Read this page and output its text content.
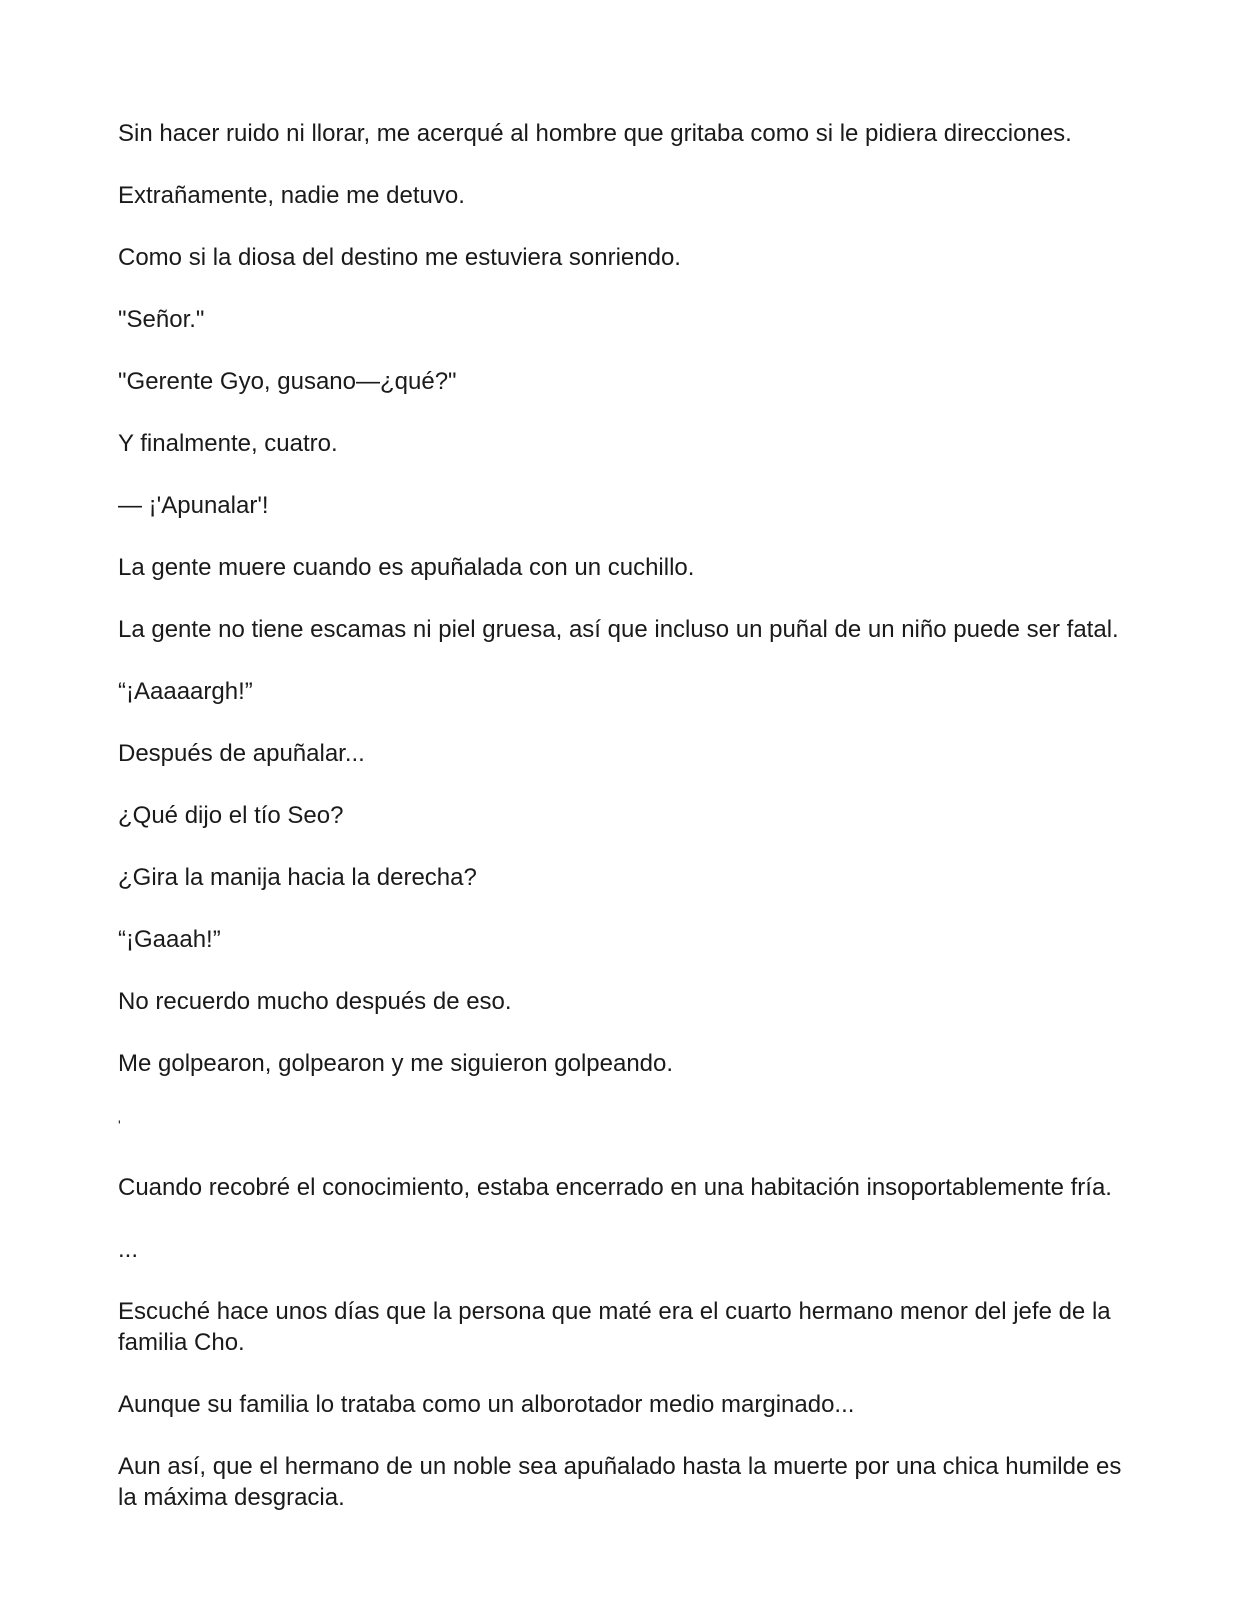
Sin hacer ruido ni llorar, me acerqué al hombre que gritaba como si le pidiera direcciones.

Extrañamente, nadie me detuvo.

Como si la diosa del destino me estuviera sonriendo.

"Señor."

"Gerente Gyo, gusano—¿qué?"

Y finalmente, cuatro.

— ¡'Apunalar'!

La gente muere cuando es apuñalada con un cuchillo.

La gente no tiene escamas ni piel gruesa, así que incluso un puñal de un niño puede ser fatal.

“¡Aaaaargh!”

Después de apuñalar...

¿Qué dijo el tío Seo?

¿Gira la manija hacia la derecha?

“¡Gaaah!”

No recuerdo mucho después de eso.

Me golpearon, golpearon y me siguieron golpeando.

'

Cuando recobré el conocimiento, estaba encerrado en una habitación insoportablemente fría.

...

Escuché hace unos días que la persona que maté era el cuarto hermano menor del jefe de la familia Cho.

Aunque su familia lo trataba como un alborotador medio marginado...

Aun así, que el hermano de un noble sea apuñalado hasta la muerte por una chica humilde es la máxima desgracia.
